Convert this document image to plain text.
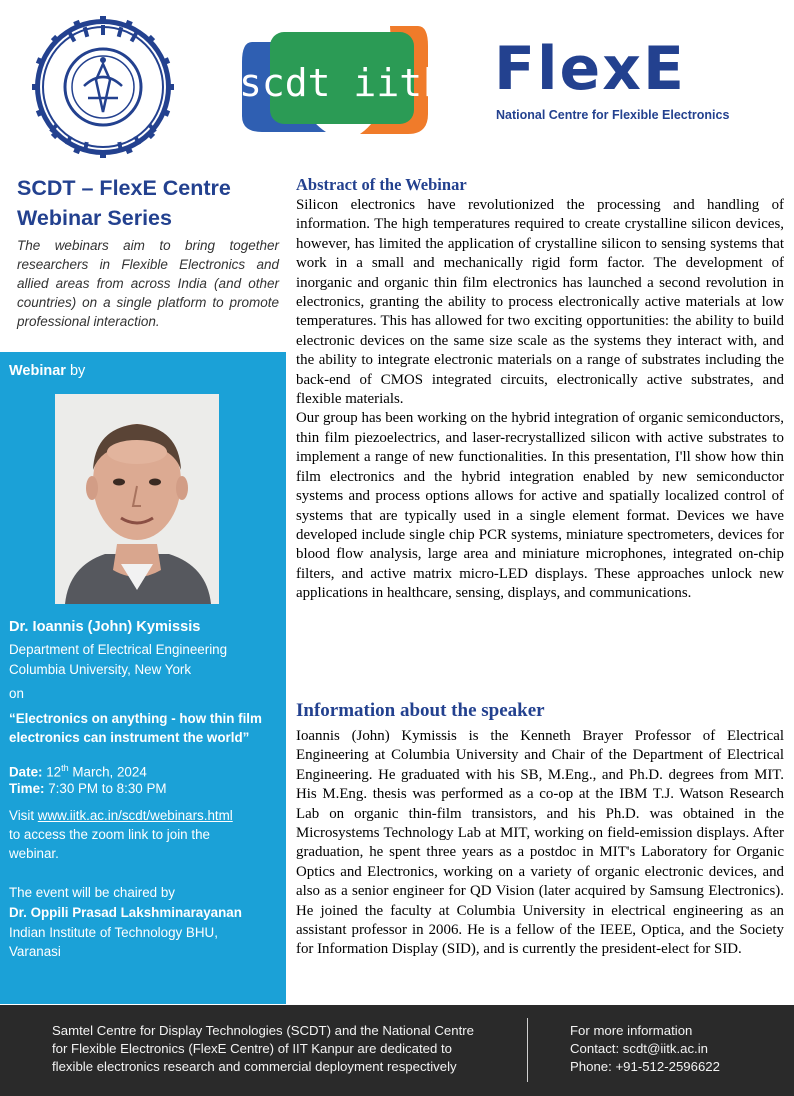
scdt iitk FlexE
National Centre for Flexible Electronics
SCDT – FlexE Centre
Webinar Series
The webinars aim to bring together researchers in Flexible Electronics and allied areas from across India (and other countries) on a single platform to promote professional interaction.
Webinar by
Dr. Ioannis (John) Kymissis
Department of Electrical Engineering
Columbia University, New York
on
“Electronics on anything - how thin film
electronics can instrument the world”
Date: 12th March, 2024
Time: 7:30 PM to 8:30 PM
Visit www.iitk.ac.in/scdt/webinars.html
to access the zoom link to join the
webinar.
The event will be chaired by
Dr. Oppili Prasad Lakshminarayanan
Indian Institute of Technology BHU,
Varanasi
Abstract of the Webinar

Silicon electronics have revolutionized the processing and handling of information. The high temperatures required to create crystalline silicon devices, however, has limited the application of crystalline silicon to sensing systems that work in a small and mechanically rigid form factor. The development of inorganic and organic thin film electronics has launched a second revolution in electronics, granting the ability to process electronically active materials at low temperatures. This has allowed for two exciting opportunities: the ability to build electronic devices on the same size scale as the systems they interact with, and the ability to integrate electronic materials on a range of substrates including the back-end of CMOS integrated circuits, electronically active substrates, and flexible materials.

Our group has been working on the hybrid integration of organic semiconductors, thin film piezoelectrics, and laser-recrystallized silicon with active substrates to implement a range of new functionalities. In this presentation, I'll show how thin film electronics and the hybrid integration enabled by new semiconductor systems and process options allows for active and spatially localized control of systems that are typically used in a single element format. Devices we have developed include single chip PCR systems, miniature spectrometers, devices for blood flow analysis, large area and miniature microphones, integrated on-chip filters, and active matrix micro-LED displays. These approaches unlock new applications in healthcare, sensing, displays, and communications.

Information about the speaker

Ioannis (John) Kymissis is the Kenneth Brayer Professor of Electrical Engineering at Columbia University and Chair of the Department of Electrical Engineering. He graduated with his SB, M.Eng., and Ph.D. degrees from MIT. His M.Eng. thesis was performed as a co-op at the IBM T.J. Watson Research Lab on organic thin-film transistors, and his Ph.D. was obtained in the Microsystems Technology Lab at MIT, working on field-emission displays. After graduation, he spent three years as a postdoc in MIT's Laboratory for Organic Optics and Electronics, working on a variety of organic electronic devices, and also as a senior engineer for QD Vision (later acquired by Samsung Electronics). He joined the faculty at Columbia University in electrical engineering as an assistant professor in 2006. He is a fellow of the IEEE, Optica, and the Society for Information Display (SID), and is currently the president-elect for SID.

Samtel Centre for Display Technologies (SCDT) and the National Centre
for Flexible Electronics (FlexE Centre) of IIT Kanpur are dedicated to
flexible electronics research and commercial deployment respectively
For more information
Contact: scdt@iitk.ac.in
Phone: +91-512-2596622
